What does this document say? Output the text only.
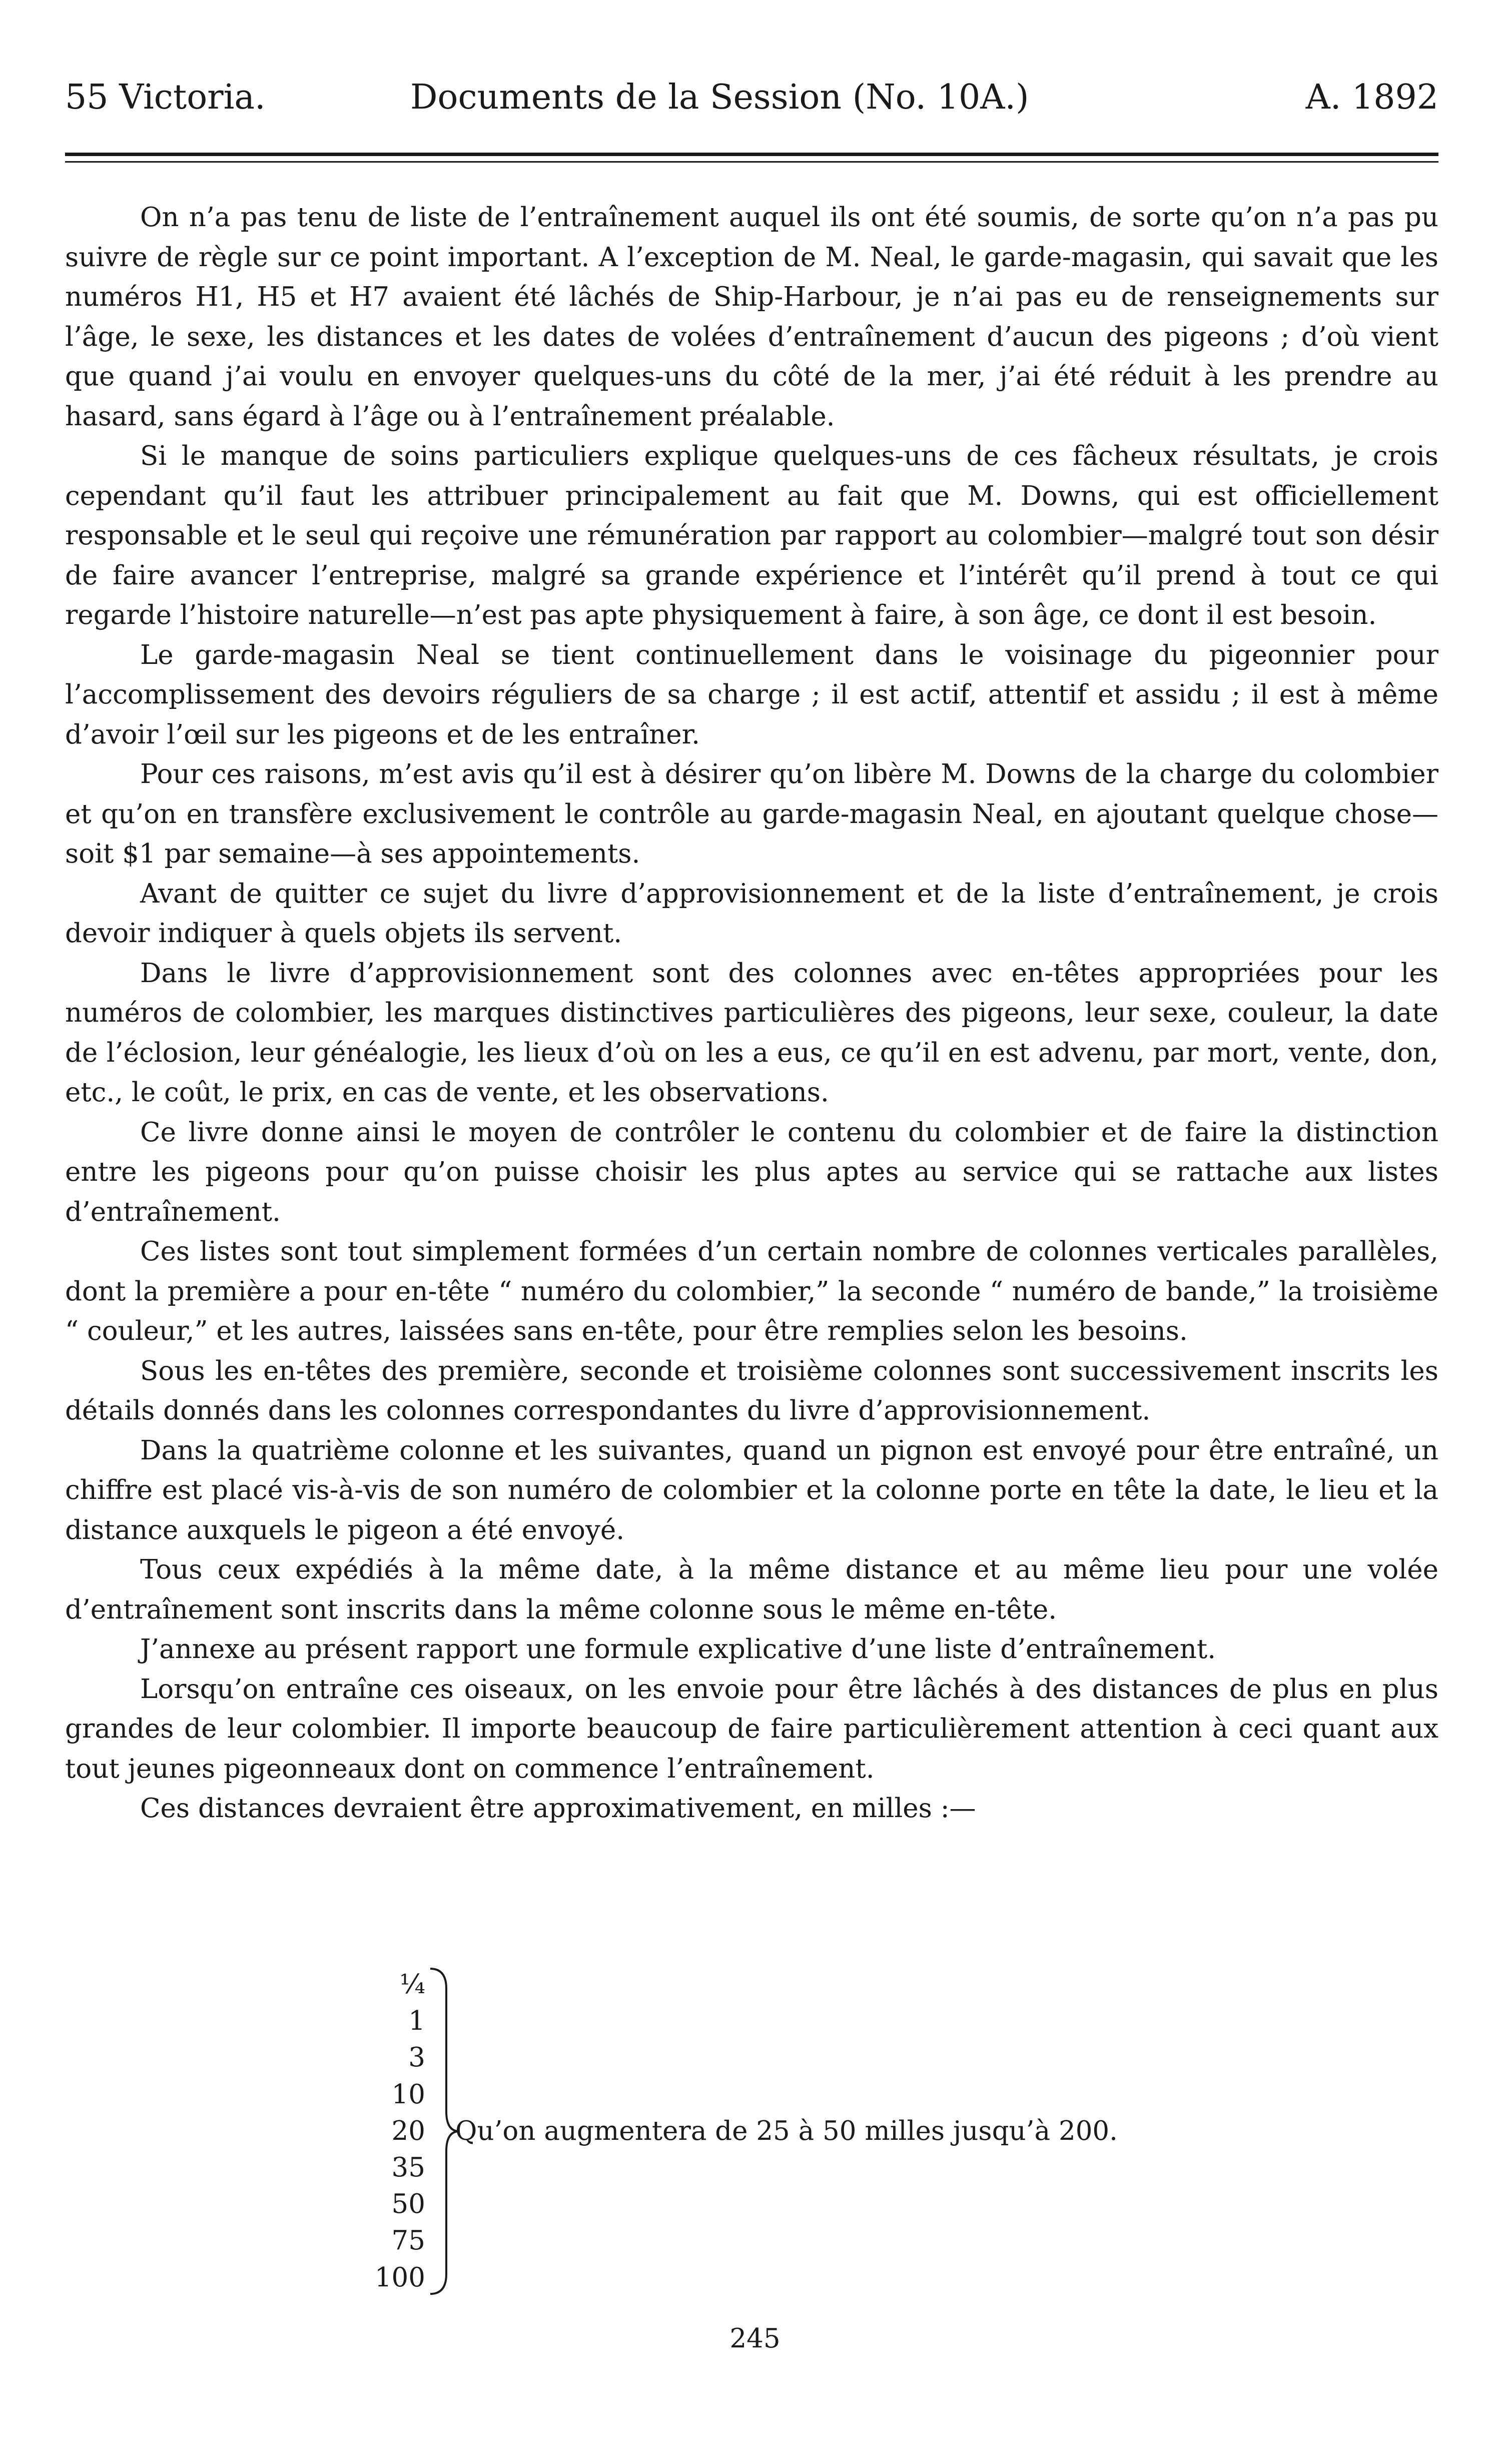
55 Victoria.	Documents de la Session (No. 10A.)	A. 1892

On n’a pas tenu de liste de l’entraînement auquel ils ont été soumis, de sorte qu’on n’a pas pu suivre de règle sur ce point important. A l’exception de M. Neal, le garde-magasin, qui savait que les numéros H1, H5 et H7 avaient été lâchés de Ship-Harbour, je n’ai pas eu de renseignements sur l’âge, le sexe, les distances et les dates de volées d’entraînement d’aucun des pigeons ; d’où vient que quand j’ai voulu en envoyer quelques-uns du côté de la mer, j’ai été réduit à les prendre au hasard, sans égard à l’âge ou à l’entraînement préalable.

Si le manque de soins particuliers explique quelques-uns de ces fâcheux résultats, je crois cependant qu’il faut les attribuer principalement au fait que M. Downs, qui est officiellement responsable et le seul qui reçoive une rémunération par rapport au colombier—malgré tout son désir de faire avancer l’entreprise, malgré sa grande expérience et l’intérêt qu’il prend à tout ce qui regarde l’histoire naturelle—n’est pas apte physiquement à faire, à son âge, ce dont il est besoin.

Le garde-magasin Neal se tient continuellement dans le voisinage du pigeonnier pour l’accomplissement des devoirs réguliers de sa charge ; il est actif, attentif et assidu ; il est à même d’avoir l’œil sur les pigeons et de les entraîner.

Pour ces raisons, m’est avis qu’il est à désirer qu’on libère M. Downs de la charge du colombier et qu’on en transfère exclusivement le contrôle au garde-magasin Neal, en ajoutant quelque chose—soit $1 par semaine—à ses appointements.

Avant de quitter ce sujet du livre d’approvisionnement et de la liste d’entraînement, je crois devoir indiquer à quels objets ils servent.

Dans le livre d’approvisionnement sont des colonnes avec en-têtes appropriées pour les numéros de colombier, les marques distinctives particulières des pigeons, leur sexe, couleur, la date de l’éclosion, leur généalogie, les lieux d’où on les a eus, ce qu’il en est advenu, par mort, vente, don, etc., le coût, le prix, en cas de vente, et les observations.

Ce livre donne ainsi le moyen de contrôler le contenu du colombier et de faire la distinction entre les pigeons pour qu’on puisse choisir les plus aptes au service qui se rattache aux listes d’entraînement.

Ces listes sont tout simplement formées d’un certain nombre de colonnes verticales parallèles, dont la première a pour en-tête “ numéro du colombier,” la seconde “ numéro de bande,” la troisième “ couleur,” et les autres, laissées sans en-tête, pour être remplies selon les besoins.

Sous les en-têtes des première, seconde et troisième colonnes sont successivement inscrits les détails donnés dans les colonnes correspondantes du livre d’approvisionnement.

Dans la quatrième colonne et les suivantes, quand un pignon est envoyé pour être entraîné, un chiffre est placé vis-à-vis de son numéro de colombier et la colonne porte en tête la date, le lieu et la distance auxquels le pigeon a été envoyé.

Tous ceux expédiés à la même date, à la même distance et au même lieu pour une volée d’entraînement sont inscrits dans la même colonne sous le même en-tête.

J’annexe au présent rapport une formule explicative d’une liste d’entraînement.

Lorsqu’on entraîne ces oiseaux, on les envoie pour être lâchés à des distances de plus en plus grandes de leur colombier. Il importe beaucoup de faire particulièrement attention à ceci quant aux tout jeunes pigeonneaux dont on commence l’entraînement.

Ces distances devraient être approximativement, en milles :—

¼
1
3
10
20
35
50
75
100
Qu’on augmentera de 25 à 50 milles jusqu’à 200.
245
